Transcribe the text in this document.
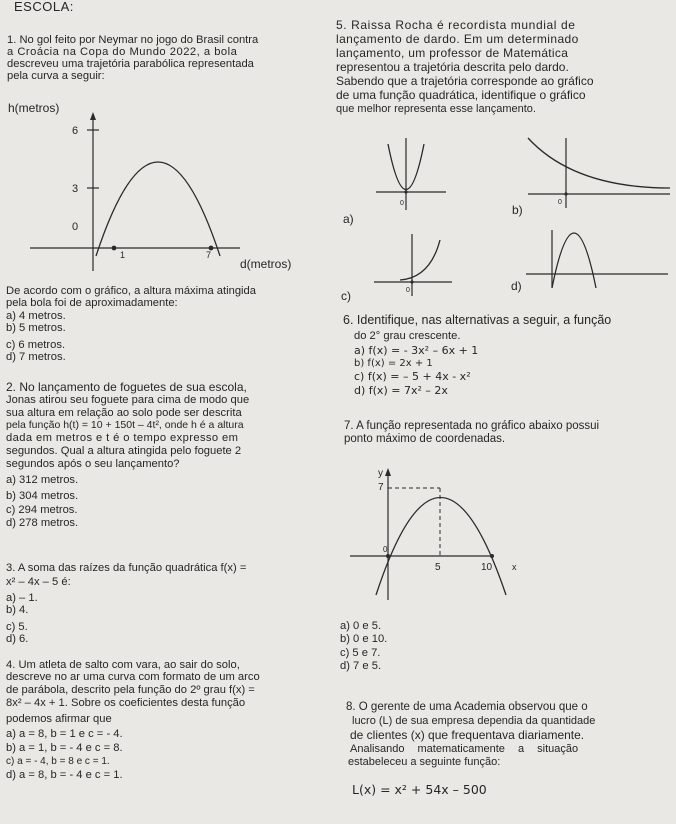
ESCOLA:
1. No gol feito por Neymar no jogo do Brasil contra
a Croácia na Copa do Mundo 2022, a bola
descreveu uma trajetória parabólica representada
pela curva a seguir:
h(metros)
6
3
0
1	7
d(metros)
De acordo com o gráfico, a altura máxima atingida
pela bola foi de aproximadamente:
a) 4 metros.
b) 5 metros.
c) 6 metros.
d) 7 metros.
2. No lançamento de foguetes de sua escola,
Jonas atirou seu foguete para cima de modo que
sua altura em relação ao solo pode ser descrita
pela função h(t) = 10 + 150t – 4t², onde h é a altura
dada em metros e t é o tempo expresso em
segundos. Qual a altura atingida pelo foguete 2
segundos após o seu lançamento?
a) 312 metros.
b) 304 metros.
c) 294 metros.
d) 278 metros.
3. A soma das raízes da função quadrática f(x) =
x² – 4x – 5 é:
a) – 1.
b) 4.
c) 5.
d) 6.
4. Um atleta de salto com vara, ao sair do solo,
descreve no ar uma curva com formato de um arco
de parábola, descrito pela função do 2º grau f(x) =
8x² – 4x + 1. Sobre os coeficientes desta função
podemos afirmar que
a) a = 8, b = 1 e c = - 4.
b) a = 1, b = - 4 e c = 8.
c) a = - 4, b = 8 e c = 1.
d) a = 8, b = - 4 e c = 1.
5. Raissa Rocha é recordista mundial de
lançamento de dardo. Em um determinado
lançamento, um professor de Matemática
representou a trajetória descrita pelo dardo.
Sabendo que a trajetória corresponde ao gráfico
de uma função quadrática, identifique o gráfico
que melhor representa esse lançamento.
a)
0	b)
0
c)	0	d)
6. Identifique, nas alternativas a seguir, a função
do 2° grau crescente.
a) f(x) = - 3x² – 6x + 1
b) f(x) = 2x + 1
c) f(x) = – 5 + 4x - x²
d) f(x) = 7x² – 2x
7. A função representada no gráfico abaixo possui
ponto máximo de coordenadas.
y
7
0
5	10 x
a) 0 e 5.
b) 0 e 10.
c) 5 e 7.
d) 7 e 5.
8. O gerente de uma Academia observou que o
lucro (L) de sua empresa dependia da quantidade
de clientes (x) que frequentava diariamente.
Analisando matematicamente a situação
estabeleceu a seguinte função:
L(x) = x² + 54x – 500
